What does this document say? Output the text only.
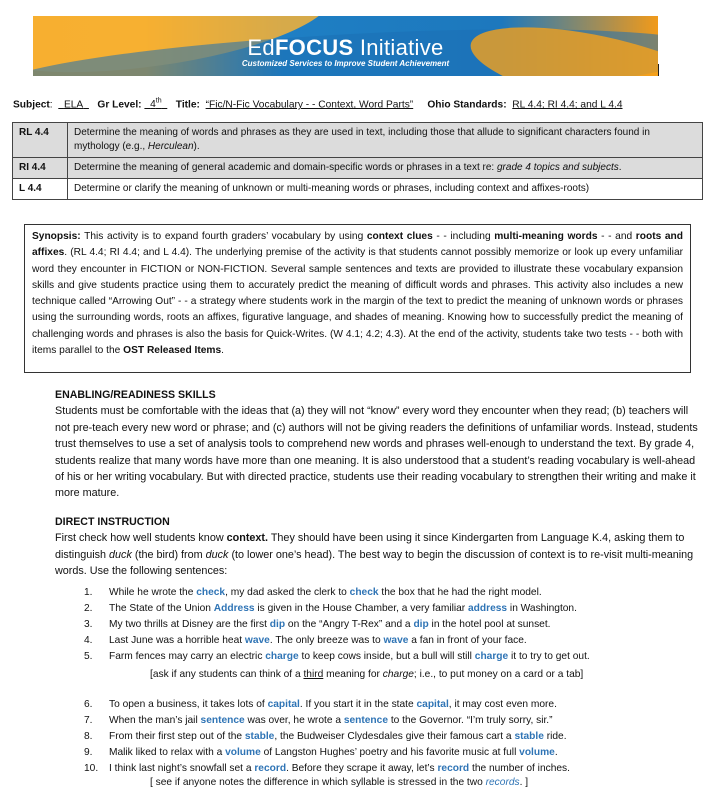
EdFOCUS Initiative
Customized Services to Improve Student Achievement
Subject:    ELA Gr Level: 4th Title: “Fic/N-Fic Vocabulary - - Context, Word Parts” Ohio Standards: RL 4.4; RI 4.4; and L 4.4
RL 4.4	Determine the meaning of words and phrases as they are used in text, including those that allude to significant characters found in mythology (e.g., Herculean).
RI 4.4	Determine the meaning of general academic and domain-specific words or phrases in a text re: grade 4 topics and subjects.
L 4.4	Determine or clarify the meaning of unknown or multi-meaning words or phrases, including context and affixes-roots)
Synopsis: This activity is to expand fourth graders’ vocabulary by using context clues - - including multi-meaning words - - and roots and affixes. (RL 4.4; RI 4.4; and L 4.4). The underlying premise of the activity is that students cannot possibly memorize or look up every unfamiliar word they encounter in FICTION or NON-FICTION. Several sample sentences and texts are provided to illustrate these vocabulary expansion skills and give students practice using them to accurately predict the meaning of difficult words and phrases. This activity also includes a new technique called “Arrowing Out” - - a strategy where students work in the margin of the text to predict the meaning of unknown words or phrases using the surrounding words, roots an affixes, figurative language, and shades of meaning. Knowing how to successfully predict the meaning of challenging words and phrases is also the basis for Quick-Writes. (W 4.1; 4.2; 4.3). At the end of the activity, students take two tests - - both with items parallel to the OST Released Items.
ENABLING/READINESS SKILLS
Students must be comfortable with the ideas that (a) they will not “know” every word they encounter when they read; (b) teachers will not pre-teach every new word or phrase; and (c) authors will not be giving readers the definitions of unfamiliar words. Instead, students trust themselves to use a set of analysis tools to comprehend new words and phrases well-enough to understand the text. By grade 4, students realize that many words have more than one meaning. It is also understood that a student’s reading vocabulary is well-ahead of his or her writing vocabulary. But with directed practice, students use their reading vocabulary to strengthen their writing and make it more mature.
DIRECT INSTRUCTION
First check how well students know context. They should have been using it since Kindergarten from Language K.4, asking them to distinguish duck (the bird) from duck (to lower one’s head). The best way to begin the discussion of context is to re-visit multi-meaning words. Use the following sentences:
1. While he wrote the check, my dad asked the clerk to check the box that he had the right model.
2. The State of the Union Address is given in the House Chamber, a very familiar address in Washington.
3. My two thrills at Disney are the first dip on the “Angry T-Rex” and a dip in the hotel pool at sunset.
4. Last June was a horrible heat wave. The only breeze was to wave a fan in front of your face.
5. Farm fences may carry an electric charge to keep cows inside, but a bull will still charge it to try to get out.
[ask if any students can think of a third meaning for charge; i.e., to put money on a card or a tab]
6. To open a business, it takes lots of capital. If you start it in the state capital, it may cost even more.
7. When the man’s jail sentence was over, he wrote a sentence to the Governor. “I’m truly sorry, sir.”
8. From their first step out of the stable, the Budweiser Clydesdales give their famous cart a stable ride.
9. Malik liked to relax with a volume of Langston Hughes’ poetry and his favorite music at full volume.
10. I think last night’s snowfall set a record. Before they scrape it away, let’s record the number of inches.
[ see if anyone notes the difference in which syllable is stressed in the two records. ]
